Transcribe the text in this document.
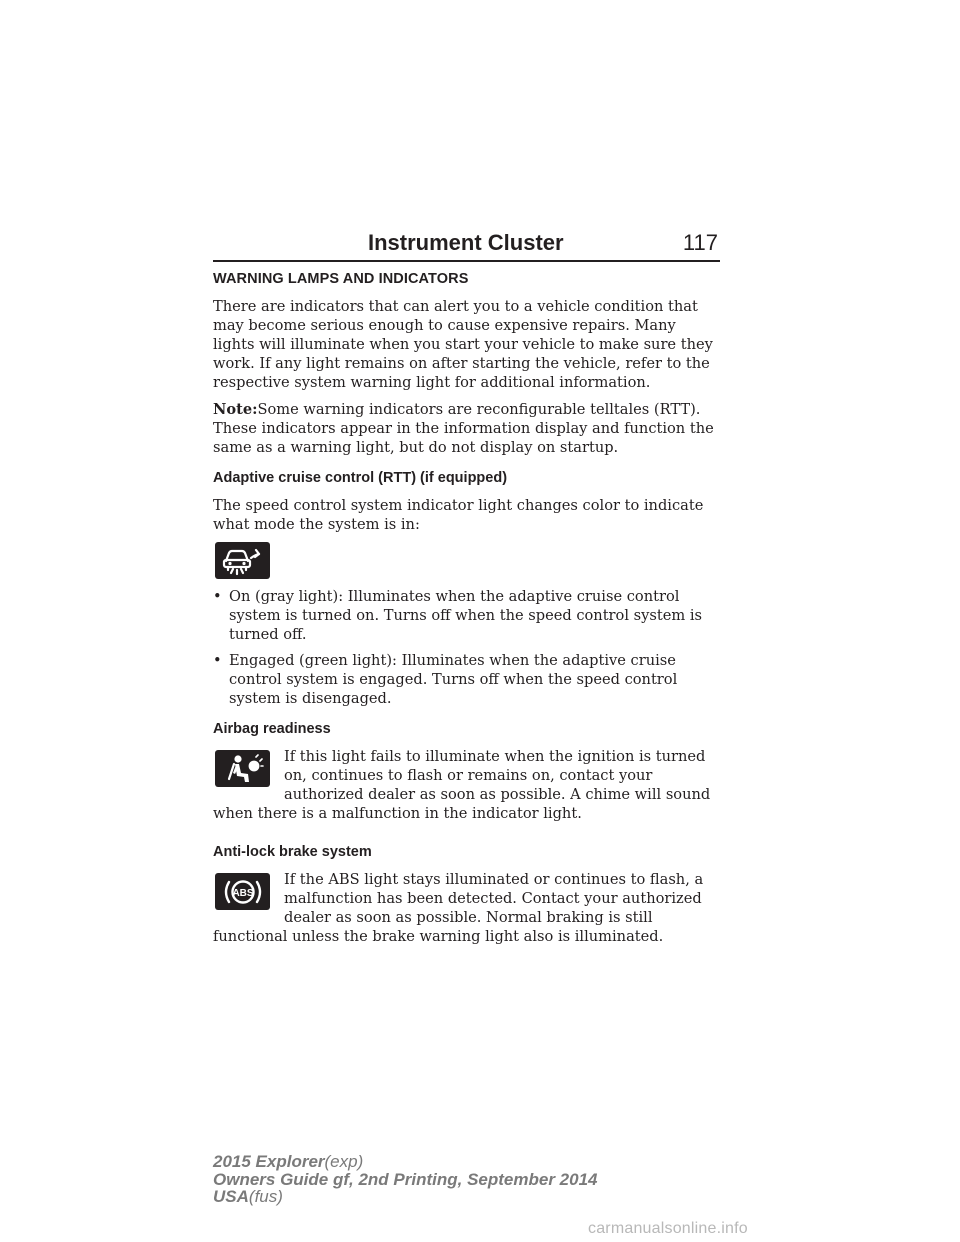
Instrument Cluster	117
WARNING LAMPS AND INDICATORS

There are indicators that can alert you to a vehicle condition that may become serious enough to cause expensive repairs. Many lights will illuminate when you start your vehicle to make sure they work. If any light remains on after starting the vehicle, refer to the respective system warning light for additional information.

Note:Some warning indicators are reconfigurable telltales (RTT). These indicators appear in the information display and function the same as a warning light, but do not display on startup.

Adaptive cruise control (RTT) (if equipped)

The speed control system indicator light changes color to indicate what mode the system is in:

• On (gray light): Illuminates when the adaptive cruise control system is turned on. Turns off when the speed control system is turned off.
• Engaged (green light): Illuminates when the adaptive cruise control system is engaged. Turns off when the speed control system is disengaged.
Airbag readiness

If this light fails to illuminate when the ignition is turned on, continues to flash or remains on, contact your authorized dealer as soon as possible. A chime will sound when there is a malfunction in the indicator light.

Anti-lock brake system
ABS

If the ABS light stays illuminated or continues to flash, a malfunction has been detected. Contact your authorized dealer as soon as possible. Normal braking is still functional unless the brake warning light also is illuminated.

2015 Explorer(exp)
Owners Guide gf, 2nd Printing, September 2014
USA(fus)
carmanualsonline.info
